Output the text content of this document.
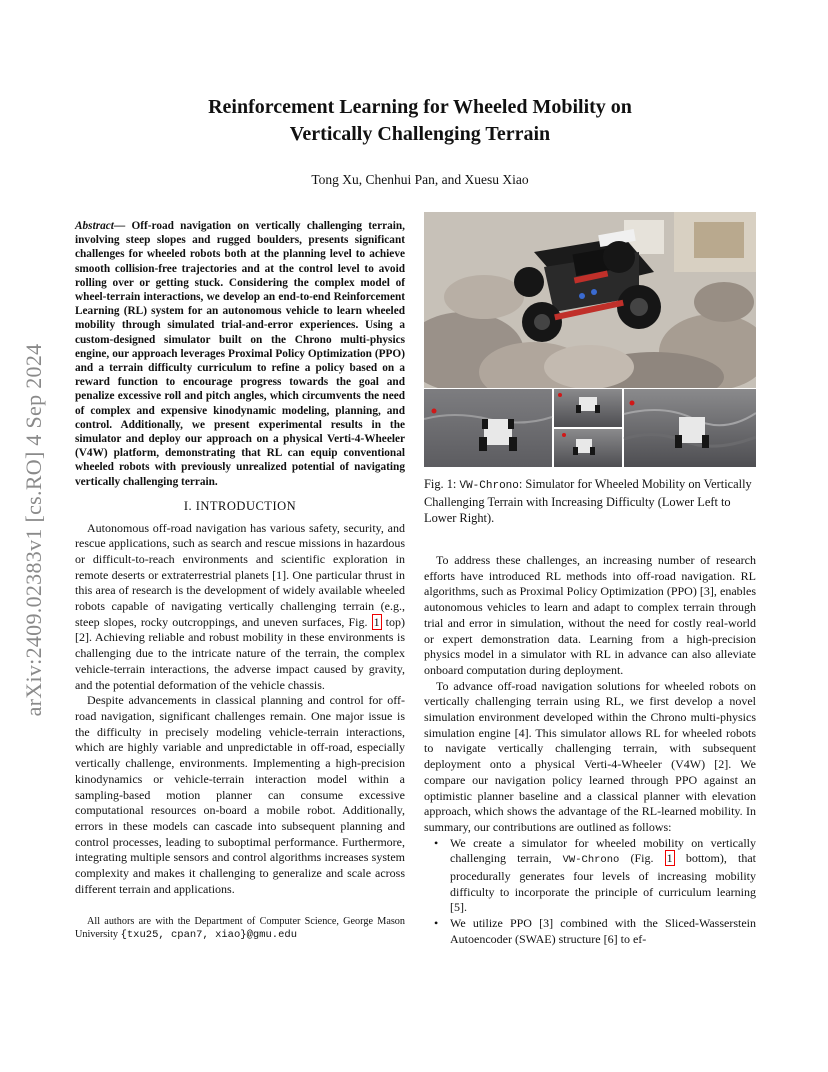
arXiv:2409.02383v1 [cs.RO] 4 Sep 2024
Reinforcement Learning for Wheeled Mobility on
Vertically Challenging Terrain

Tong Xu, Chenhui Pan, and Xuesu Xiao

Abstract— Off-road navigation on vertically challenging terrain, involving steep slopes and rugged boulders, presents significant challenges for wheeled robots both at the planning level to achieve smooth collision-free trajectories and at the control level to avoid rolling over or getting stuck. Considering the complex model of wheel-terrain interactions, we develop an end-to-end Reinforcement Learning (RL) system for an autonomous vehicle to learn wheeled mobility through simulated trial-and-error experiences. Using a custom-designed simulator built on the Chrono multi-physics engine, our approach leverages Proximal Policy Optimization (PPO) and a terrain difficulty curriculum to refine a policy based on a reward function to encourage progress towards the goal and penalize excessive roll and pitch angles, which circumvents the need of complex and expensive kinodynamic modeling, planning, and control. Additionally, we present experimental results in the simulator and deploy our approach on a physical Verti-4-Wheeler (V4W) platform, demonstrating that RL can equip conventional wheeled robots with previously unrealized potential of navigating vertically challenging terrain.

I. INTRODUCTION

Autonomous off-road navigation has various safety, security, and rescue applications, such as search and rescue missions in hazardous or difficult-to-reach environments and scientific exploration in remote deserts or extraterrestrial planets [1]. One particular thrust in this area of research is the development of widely available wheeled robots capable of navigating vertically challenging terrain (e.g., steep slopes, rocky outcroppings, and uneven surfaces, Fig. 1 top) [2]. Achieving reliable and robust mobility in these environments is challenging due to the intricate nature of the terrain, the complex vehicle-terrain interactions, the adverse impact caused by gravity, and the potential deformation of the vehicle chassis.

Despite advancements in classical planning and control for off-road navigation, significant challenges remain. One major issue is the difficulty in precisely modeling vehicle-terrain interactions, which are highly variable and unpredictable in off-road, especially vertically challenge, environments. Implementing a high-precision kinodynamics or vehicle-terrain interaction model within a sampling-based motion planner can consume excessive computational resources on-board a mobile robot. Additionally, errors in these models can cascade into subsequent planning and control processes, leading to suboptimal performance. Furthermore, integrating multiple sensors and control algorithms increases system complexity and makes it challenging to generalize and scale across different terrain and applications.

All authors are with the Department of Computer Science, George Mason University {txu25, cpan7, xiao}@gmu.edu

Fig. 1: VW-Chrono: Simulator for Wheeled Mobility on Vertically Challenging Terrain with Increasing Difficulty (Lower Left to Lower Right).

To address these challenges, an increasing number of research efforts have introduced RL methods into off-road navigation. RL algorithms, such as Proximal Policy Optimization (PPO) [3], enables autonomous vehicles to learn and adapt to complex terrain through trial and error in simulation, without the need for costly real-world or expert demonstration data. Learning from a high-precision physics model in a simulator with RL in advance can also alleviate onboard computation during deployment.

To advance off-road navigation solutions for wheeled robots on vertically challenging terrain using RL, we first develop a novel simulation environment developed within the Chrono multi-physics simulation engine [4]. This simulator allows RL for wheeled robots to navigate vertically challenging terrain, with subsequent deployment onto a physical Verti-4-Wheeler (V4W) [2]. We compare our navigation policy learned through PPO against an optimistic planner baseline and a classical planner with elevation approach, which shows the advantage of the RL-learned mobility. In summary, our contributions are outlined as follows:

• We create a simulator for wheeled mobility on vertically challenging terrain, VW-Chrono (Fig. 1 bottom), that procedurally generates four levels of increasing mobility difficulty to incorporate the principle of curriculum learning [5].
• We utilize PPO [3] combined with the Sliced-Wasserstein Autoencoder (SWAE) structure [6] to ef-
